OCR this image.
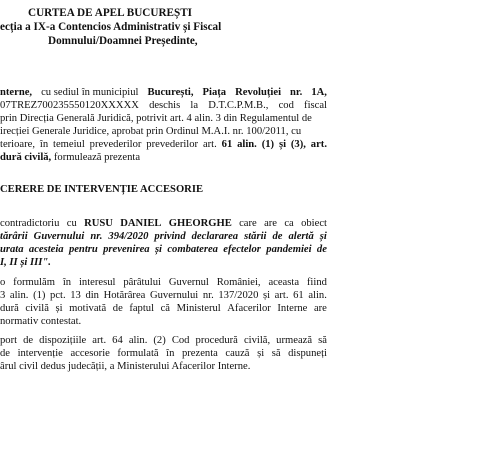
CURTEA DE APEL BUCUREȘTI
ecția a IX-a Contencios Administrativ și Fiscal
Domnului/Doamnei Președinte,
nterne, cu sediul în municipiul București, Piața Revoluției nr. 1A,
07TREZ700235550120XXXXX deschis la D.T.C.P.M.B., cod fiscal
prin Direcția Generală Juridică, potrivit art. 4 alin. 3 din Regulamentul de
irecției Generale Juridice, aprobat prin Ordinul M.A.I. nr. 100/2011, cu
terioare, în temeiul prevederilor prevederilor art. 61 alin. (1) și (3), art.
dură civilă, formulează prezenta
CERERE DE INTERVENȚIE ACCESORIE
contradictoriu cu RUSU DANIEL GHEORGHE care are ca obiect
tărârii Guvernului nr. 394/2020 privind declararea stării de alertă și
urata acesteia pentru prevenirea și combaterea efectelor pandemiei de
I, II și III".
o formulăm în interesul pârâtului Guvernul României, aceasta fiind
3 alin. (1) pct. 13 din Hotărârea Guvernului nr. 137/2020 și art. 61 alin.
dură civilă și motivată de faptul că Ministerul Afacerilor Interne are
normativ contestat.
port de dispozițiile art. 64 alin. (2) Cod procedură civilă, urmează să
de intervenție accesorie formulată în prezenta cauză și să dispuneți
ârul civil dedus judecății, a Ministerului Afacerilor Interne.
